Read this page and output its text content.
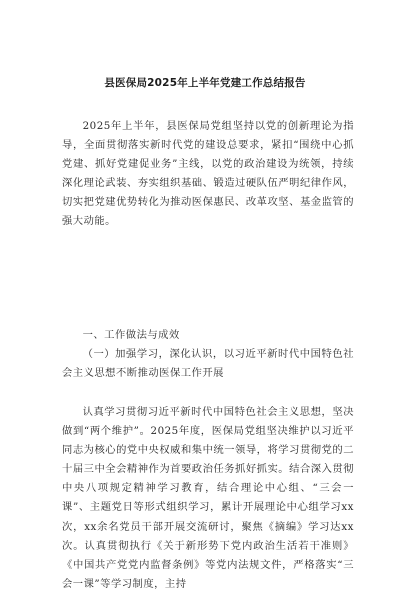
县医保局2025年上半年党建工作总结报告

2025年上半年，县医保局党组坚持以党的创新理论为指导，全面贯彻落实新时代党的建设总要求，紧扣“围绕中心抓党建、抓好党建促业务”主线，以党的政治建设为统领，持续深化理论武装、夯实组织基础、锻造过硬队伍严明纪律作风，切实把党建优势转化为推动医保惠民、改革攻坚、基金监管的强大动能。

一、工作做法与成效

（一）加强学习，深化认识，以习近平新时代中国特色社会主义思想不断推动医保工作开展

认真学习贯彻习近平新时代中国特色社会主义思想，坚决做到“两个维护”。2025年度，医保局党组坚决维护以习近平同志为核心的党中央权威和集中统一领导，将学习贯彻党的二十届三中全会精神作为首要政治任务抓好抓实。结合深入贯彻中央八项规定精神学习教育，结合理论中心组、“三会一课”、主题党日等形式组织学习，累计开展理论中心组学习xx次，xx余名党员干部开展交流研讨，聚焦《摘编》学习达xx次。认真贯彻执行《关于新形势下党内政治生活若干准则》《中国共产党党内监督条例》等党内法规文件，严格落实“三会一课”等学习制度，主持
